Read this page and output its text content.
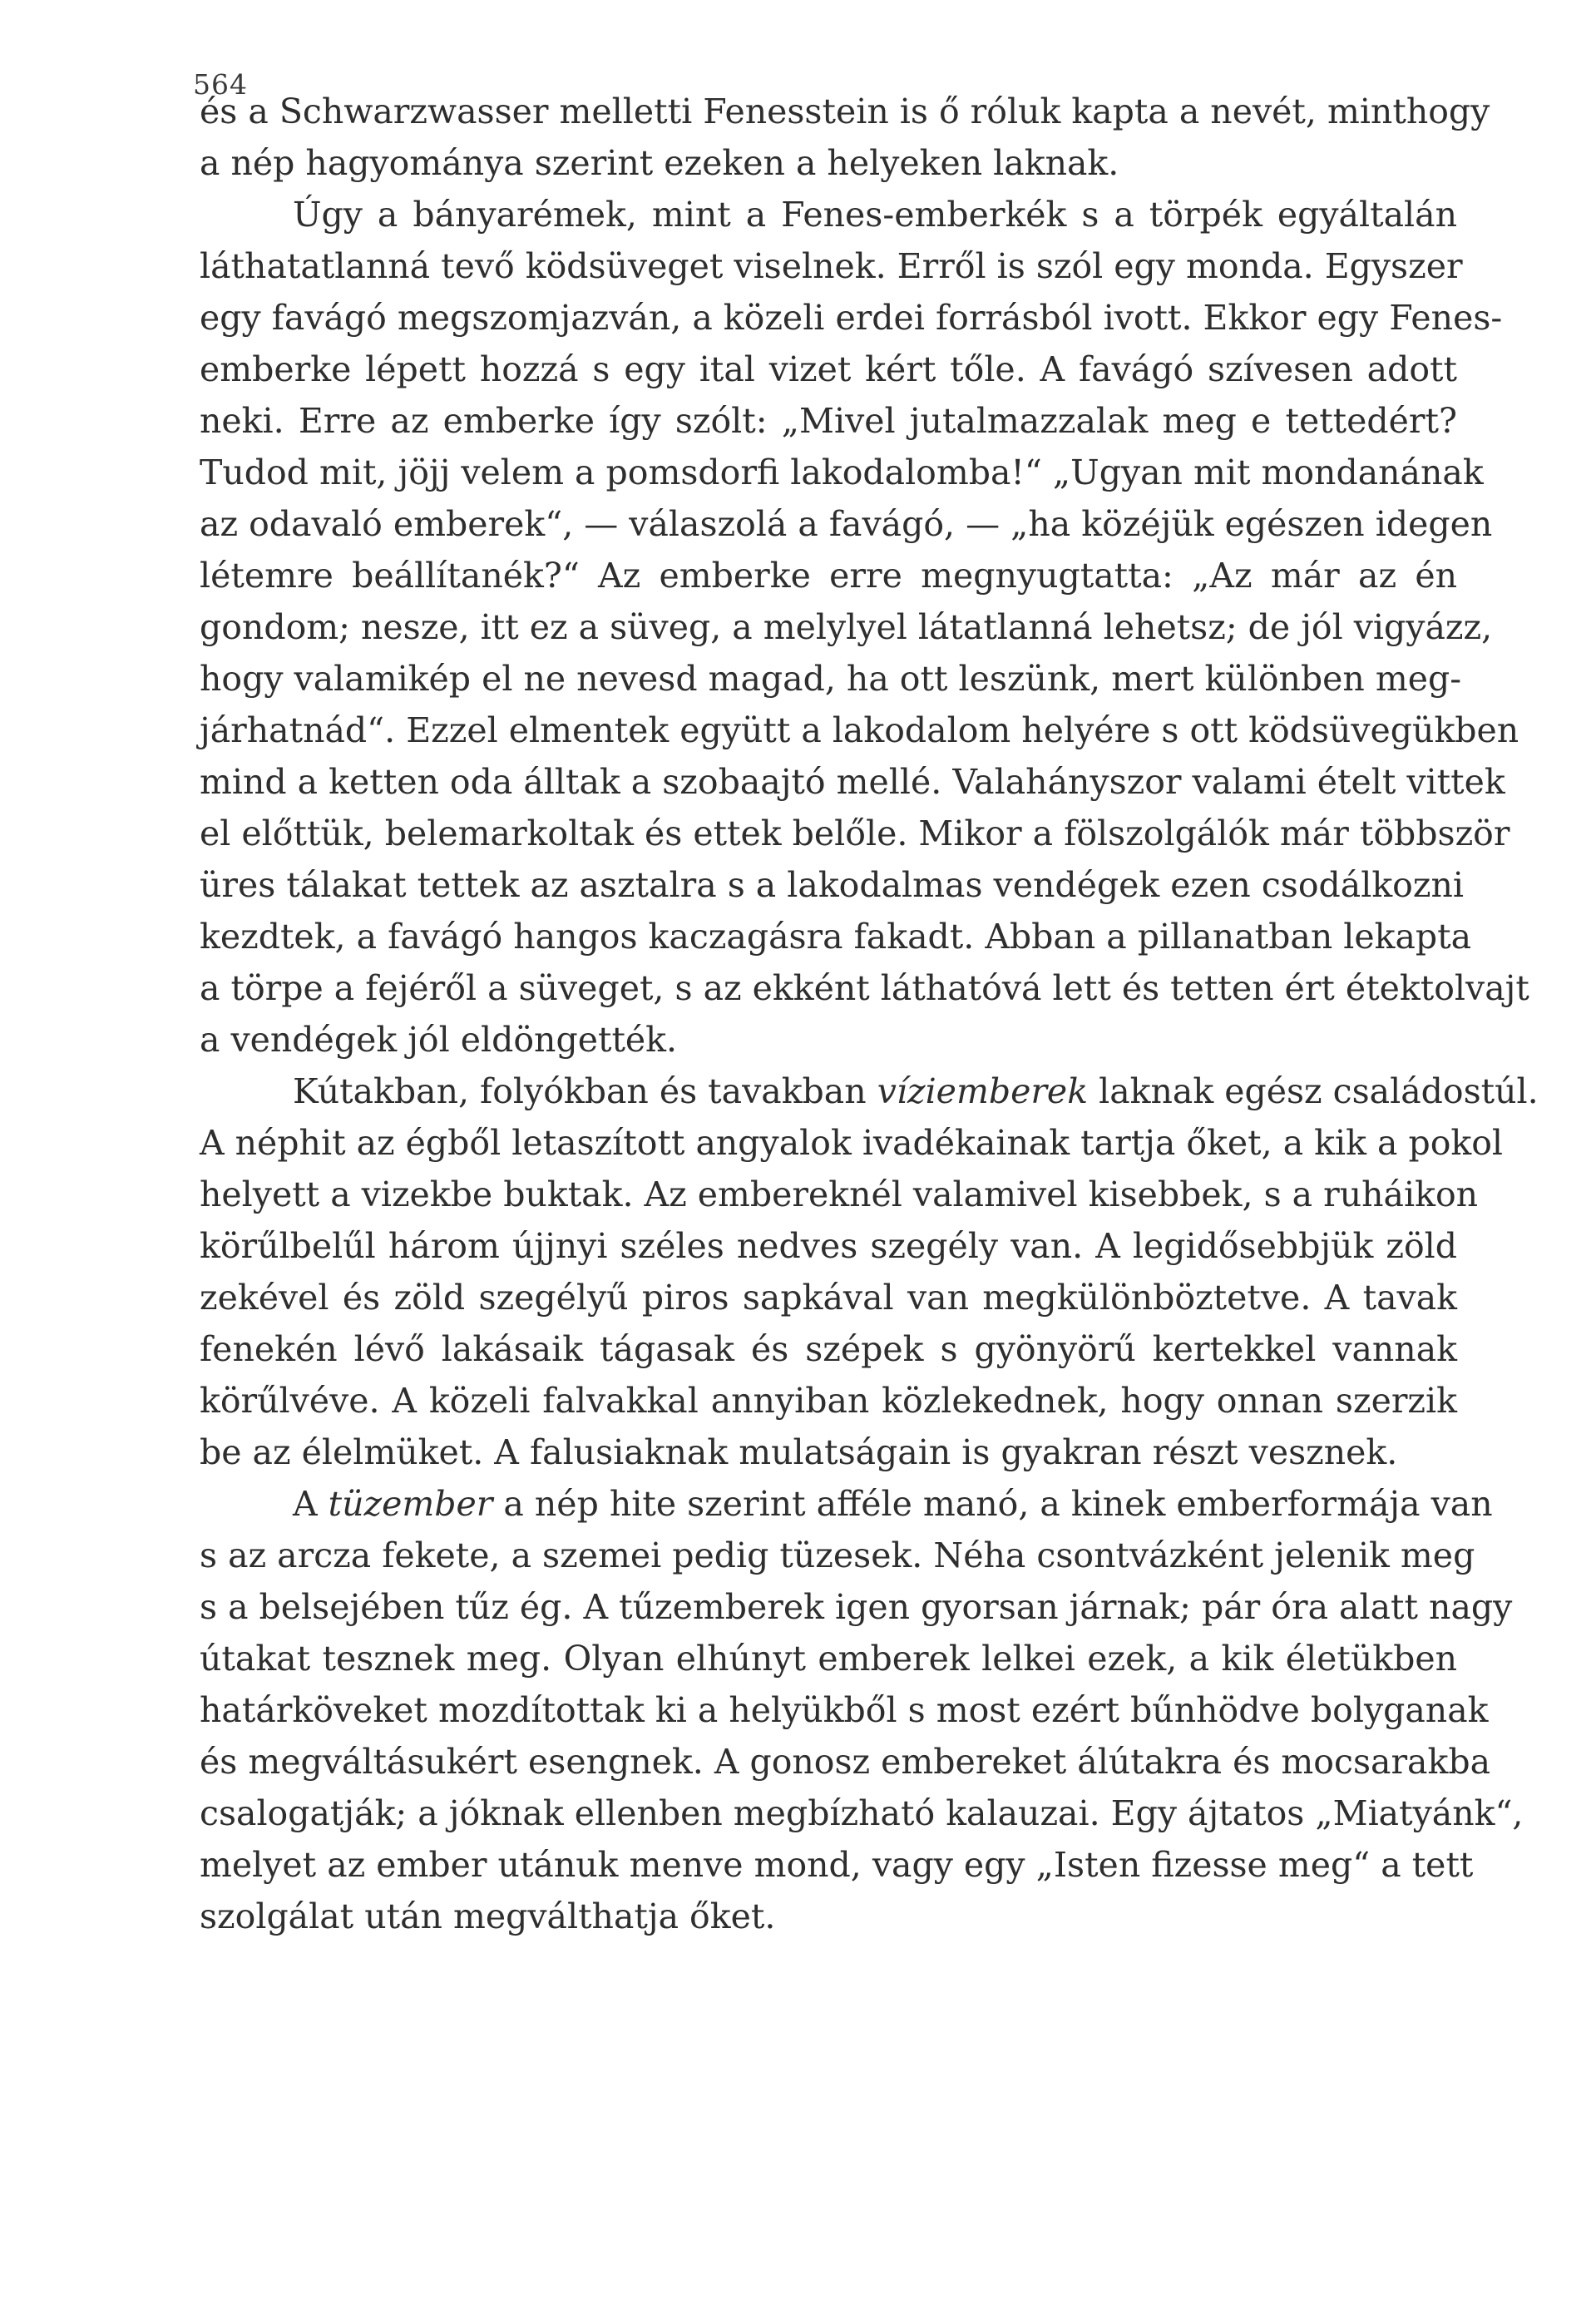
564
és a Schwarzwasser melletti Fenesstein is ő róluk kapta a nevét, minthogy
a nép hagyománya szerint ezeken a helyeken laknak.
Úgy a bányarémek, mint a Fenes-emberkék s a törpék egyáltalán
láthatatlanná tevő ködsüveget viselnek. Erről is szól egy monda. Egyszer
egy favágó megszomjazván, a közeli erdei forrásból ivott. Ekkor egy Fenes-
emberke lépett hozzá s egy ital vizet kért tőle. A favágó szívesen adott
neki. Erre az emberke így szólt: „Mivel jutalmazzalak meg e tettedért?
Tudod mit, jöjj velem a pomsdorfi lakodalomba!“ „Ugyan mit mondanának
az odavaló emberek“, — válaszolá a favágó, — „ha közéjük egészen idegen
létemre beállítanék?“ Az emberke erre megnyugtatta: „Az már az én
gondom; nesze, itt ez a süveg, a melylyel látatlanná lehetsz; de jól vigyázz,
hogy valamikép el ne nevesd magad, ha ott leszünk, mert különben meg-
járhatnád“. Ezzel elmentek együtt a lakodalom helyére s ott ködsüvegükben
mind a ketten oda álltak a szobaajtó mellé. Valahányszor valami ételt vittek
el előttük, belemarkoltak és ettek belőle. Mikor a fölszolgálók már többször
üres tálakat tettek az asztalra s a lakodalmas vendégek ezen csodálkozni
kezdtek, a favágó hangos kaczagásra fakadt. Abban a pillanatban lekapta
a törpe a fejéről a süveget, s az ekként láthatóvá lett és tetten ért étektolvajt
a vendégek jól eldöngették.
Kútakban, folyókban és tavakban víziemberek laknak egész családostúl.
A néphit az égből letaszított angyalok ivadékainak tartja őket, a kik a pokol
helyett a vizekbe buktak. Az embereknél valamivel kisebbek, s a ruháikon
körűlbelűl három újjnyi széles nedves szegély van. A legidősebbjük zöld
zekével és zöld szegélyű piros sapkával van megkülönböztetve. A tavak
fenekén lévő lakásaik tágasak és szépek s gyönyörű kertekkel vannak
körűlvéve. A közeli falvakkal annyiban közlekednek, hogy onnan szerzik
be az élelmüket. A falusiaknak mulatságain is gyakran részt vesznek.
A tüzember a nép hite szerint afféle manó, a kinek emberformája van
s az arcza fekete, a szemei pedig tüzesek. Néha csontvázként jelenik meg
s a belsejében tűz ég. A tűzemberek igen gyorsan járnak; pár óra alatt nagy
útakat tesznek meg. Olyan elhúnyt emberek lelkei ezek, a kik életükben
határköveket mozdítottak ki a helyükből s most ezért bűnhödve bolyganak
és megváltásukért esengnek. A gonosz embereket álútakra és mocsarakba
csalogatják; a jóknak ellenben megbízható kalauzai. Egy ájtatos „Miatyánk“,
melyet az ember utánuk menve mond, vagy egy „Isten fizesse meg“ a tett
szolgálat után megválthatja őket.
